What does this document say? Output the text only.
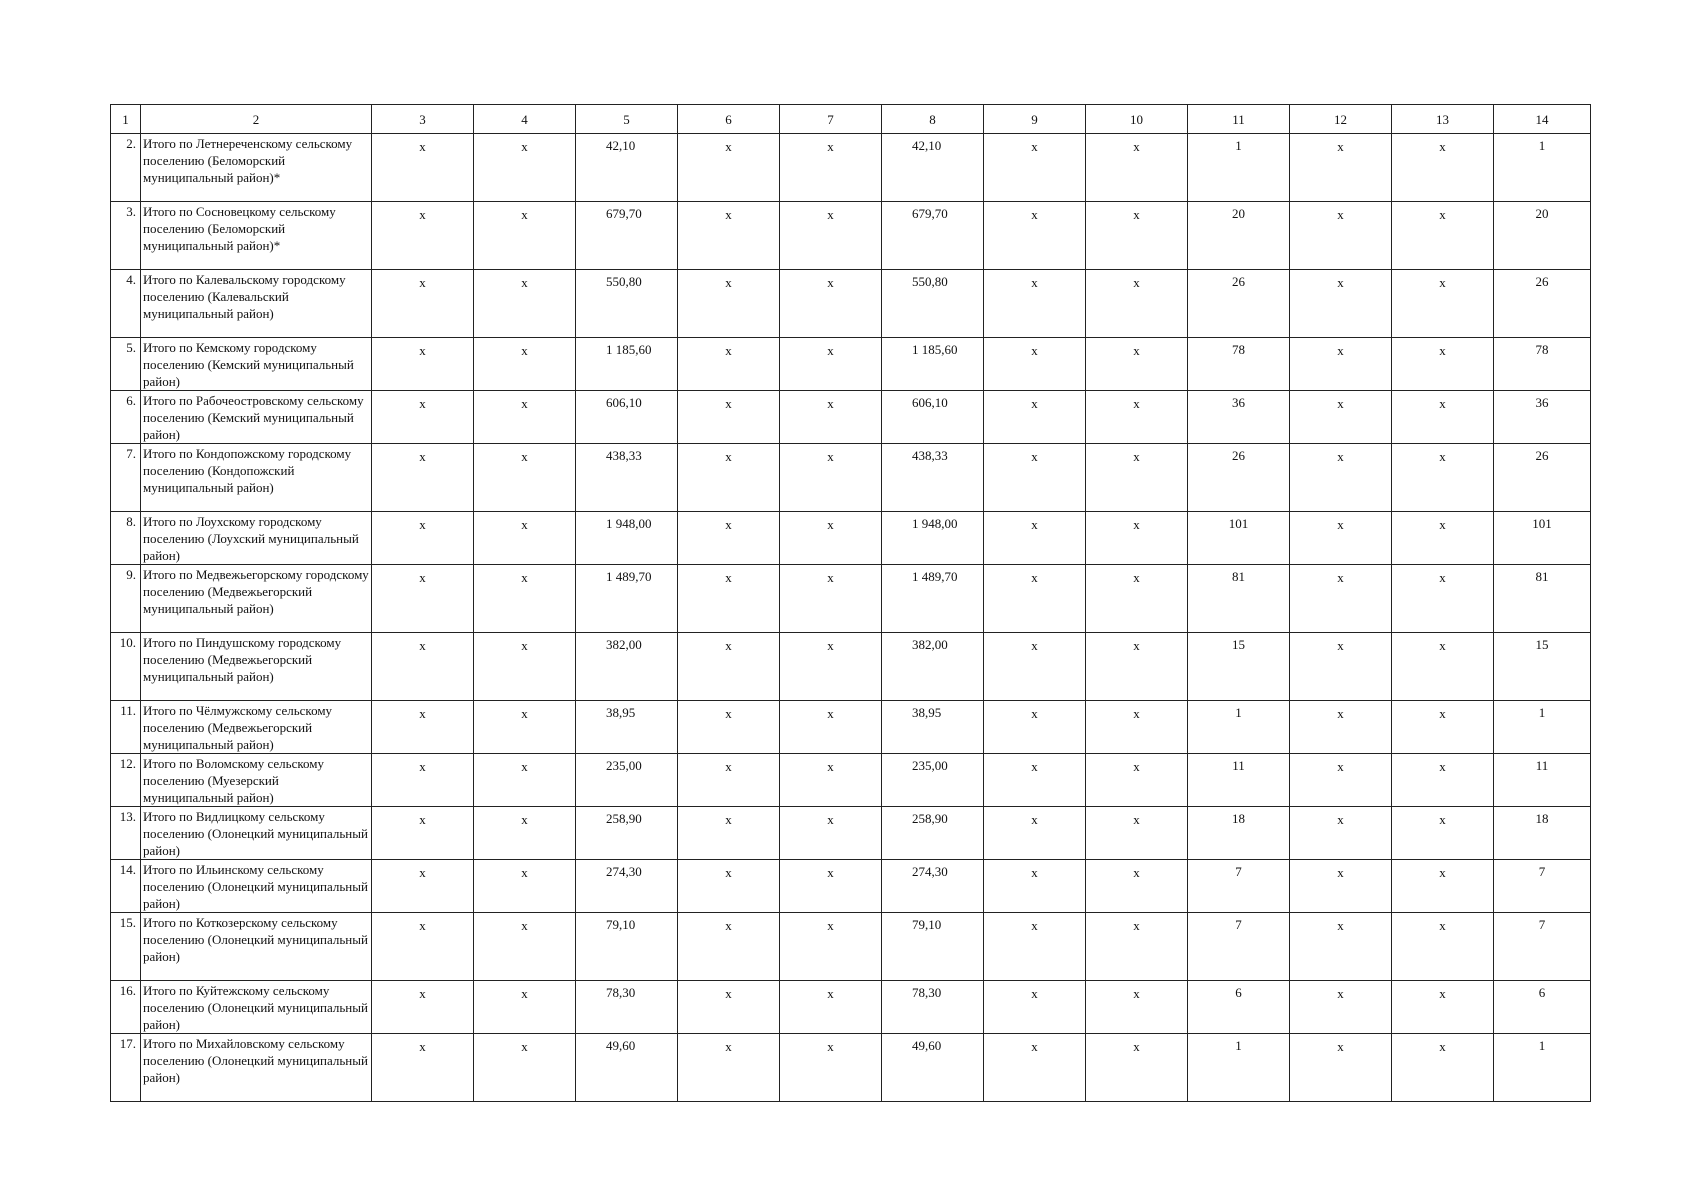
1	2	3	4	5	6	7	8	9	10	11	12	13	14
2.	Итого по Летнереченскому сельскому поселению (Беломорский муниципальный район)*	x	x	42,10	x	x	42,10	x	x	1	x	x	1
3.	Итого по Сосновецкому сельскому поселению (Беломорский муниципальный район)*	x	x	679,70	x	x	679,70	x	x	20	x	x	20
4.	Итого по Калевальскому городскому поселению (Калевальский муниципальный район)	x	x	550,80	x	x	550,80	x	x	26	x	x	26
5.	Итого по Кемскому городскому поселению (Кемский муниципальный район)	x	x	1 185,60	x	x	1 185,60	x	x	78	x	x	78
6.	Итого по Рабочеостровскому сельскому поселению (Кемский муниципальный район)	x	x	606,10	x	x	606,10	x	x	36	x	x	36
7.	Итого по Кондопожскому городскому поселению (Кондопожский муниципальный район)	x	x	438,33	x	x	438,33	x	x	26	x	x	26
8.	Итого по Лоухскому городскому поселению (Лоухский муниципальный район)	x	x	1 948,00	x	x	1 948,00	x	x	101	x	x	101
9.	Итого по Медвежьегорскому городскому поселению (Медвежьегорский муниципальный район)	x	x	1 489,70	x	x	1 489,70	x	x	81	x	x	81
10.	Итого по Пиндушскому городскому поселению (Медвежьегорский муниципальный район)	x	x	382,00	x	x	382,00	x	x	15	x	x	15
11.	Итого по Чёлмужскому сельскому поселению (Медвежьегорский муниципальный район)	x	x	38,95	x	x	38,95	x	x	1	x	x	1
12.	Итого по Воломскому сельскому поселению (Муезерский муниципальный район)	x	x	235,00	x	x	235,00	x	x	11	x	x	11
13.	Итого по Видлицкому сельскому поселению (Олонецкий муниципальный район)	x	x	258,90	x	x	258,90	x	x	18	x	x	18
14.	Итого по Ильинскому сельскому поселению (Олонецкий муниципальный район)	x	x	274,30	x	x	274,30	x	x	7	x	x	7
15.	Итого по Коткозерскому сельскому поселению (Олонецкий муниципальный район)	x	x	79,10	x	x	79,10	x	x	7	x	x	7
16.	Итого по Куйтежскому сельскому поселению (Олонецкий муниципальный район)	x	x	78,30	x	x	78,30	x	x	6	x	x	6
17.	Итого по Михайловскому сельскому поселению (Олонецкий муниципальный район)	x	x	49,60	x	x	49,60	x	x	1	x	x	1
